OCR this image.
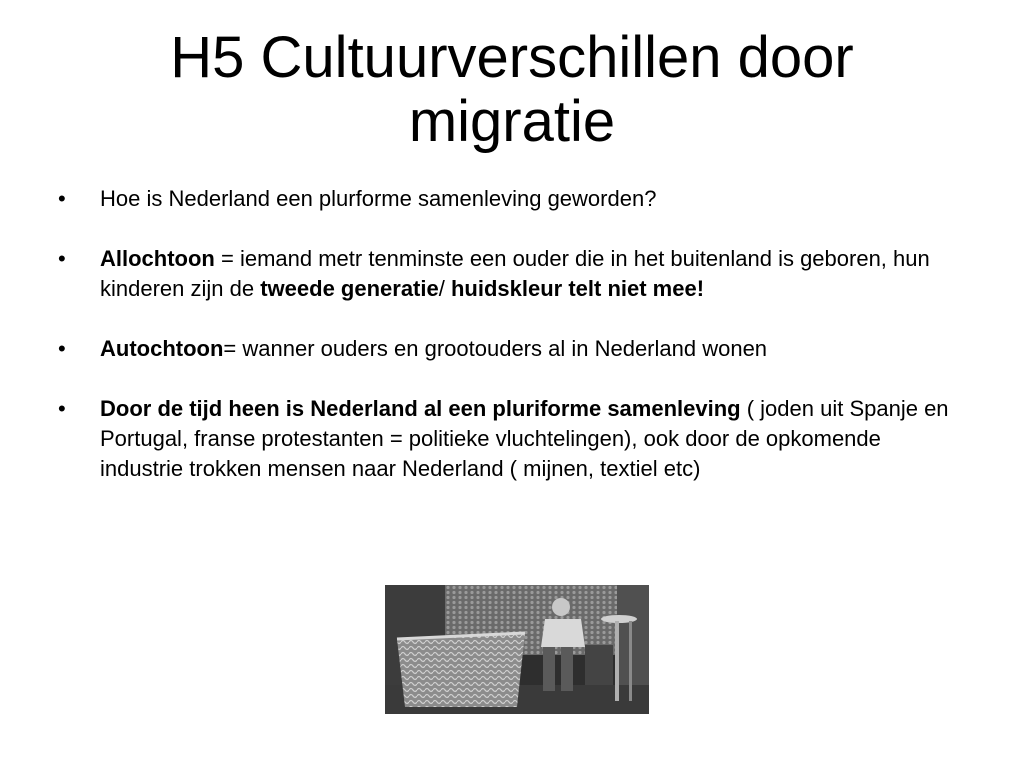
H5 Cultuurverschillen door migratie
•	Hoe is Nederland een plurforme samenleving geworden?
•	Allochtoon = iemand metr tenminste een ouder die in het buitenland is geboren, hun kinderen zijn de tweede generatie/ huidskleur telt niet mee!
•	Autochtoon= wanner ouders en grootouders al in Nederland wonen
•	Door de tijd heen is Nederland al een pluriforme samenleving ( joden uit Spanje en Portugal, franse protestanten = politieke vluchtelingen), ook door de opkomende industrie trokken mensen naar Nederland ( mijnen, textiel etc)
